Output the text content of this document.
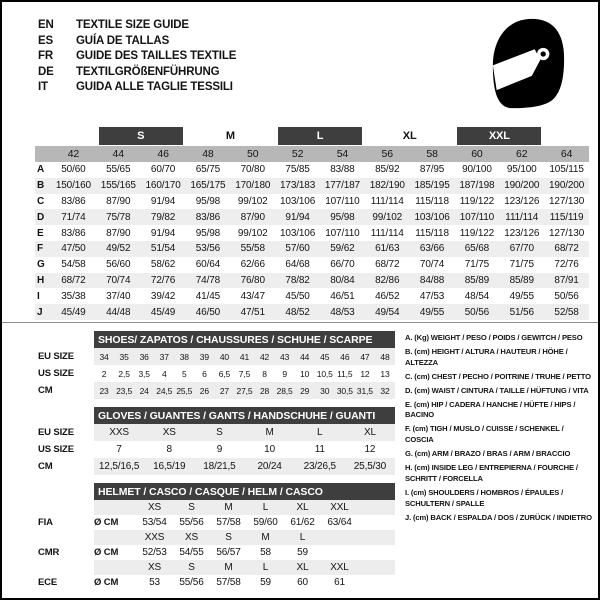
EN	TEXTILE SIZE GUIDE
ES	GUÍA DE TALLAS
FR	GUIDE DES TAILLES TEXTILE
DE	TEXTILGRÖßENFÜHRUNG
IT	GUIDA ALLE TAGLIE TESSILI
S	M	L	XL	XXL
42	44	46	48	50	52	54	56	58	60	62	64
A	50/60	55/65	60/70	65/75	70/80	75/85	83/88	85/92	87/95	90/100	95/100	105/115
B	150/160 155/165 160/170 165/175 170/180 173/183 177/187 182/190 185/195 187/198 190/200 190/200
C	83/86	87/90	91/94	95/98	99/102	103/106	107/110	111/114	115/118	119/122	123/126 127/130
D	71/74	75/78	79/82	83/86	87/90	91/94	95/98	99/102	103/106	107/110	111/114	115/119
E	83/86	87/90	91/94	95/98	99/102	103/106	107/110	111/114	115/118	119/122	123/126 127/130
F	47/50	49/52	51/54	53/56	55/58	57/60	59/62	61/63	63/66	65/68	67/70	68/72
G	54/58	56/60	58/62	60/64	62/66	64/68	66/70	68/72	70/74	71/75	71/75	72/76
H	68/72	70/74	72/76	74/78	76/80	78/82	80/84	82/86	84/88	85/89	85/89	87/91
I	35/38	37/40	39/42	41/45	43/47	45/50	46/51	46/52	47/53	48/54	49/55	50/56
J	45/49	44/48	45/49	46/50	47/51	48/52	48/53	49/54	49/55	50/56	51/56	52/58
SHOES/ ZAPATOS / CHAUSSURES / SCHUHE / SCARPE
EU SIZE	34	35	36	37	38	39	40	41	42	43	44	45	46	47	48
US SIZE	2	2,5	3,5	4	5	6	6,5	7,5	8	9	10 10,5 11,5 12	13
CM	23 23,5 24 24,5 25,5 26	27 27,5 28 28,5 29	30 30,5 31,5 32
GLOVES / GUANTES / GANTS / HANDSCHUHE / GUANTI
EU SIZE	XXS	XS	S	M	L	XL
US SIZE	7	8	9	10	11	12
CM	12,5/16,5	16,5/19	18/21,5	20/24	23/26,5	25,5/30
HELMET / CASCO / CASQUE / HELM / CASCO
XS	S	M	L	XL	XXL
FIA	Ø CM	53/54	55/56	57/58	59/60	61/62	63/64
XXS	XS	S	M	L
CMR	Ø CM	52/53	54/55	56/57	58	59
XS	S	M	L	XL	XXL
ECE	Ø CM	53	55/56	57/58	59	60	61
A. (Kg) WEIGHT / PESO / POIDS / GEWITCH / PESO
B. (cm) HEIGHT / ALTURA / HAUTEUR / HÖHE / ALTEZZA
C. (cm) CHEST / PECHO / POITRINE / TRUHE / PETTO
D. (cm) WAIST / CINTURA / TAILLE / HÜFTUNG / VITA
E. (cm) HIP / CADERA / HANCHE / HÜFTE / HIPS / BACINO
F. (cm) TIGH / MUSLO / CUISSE / SCHENKEL / COSCIA
G. (cm) ARM / BRAZO / BRAS / ARM / BRACCIO
H. (cm) INSIDE LEG / ENTREPIERNA / FOURCHE / SCHRITT / FORCELLA
I. (cm) SHOULDERS / HOMBROS / ÉPAULES / SCHULTERN / SPALLE
J. (cm) BACK / ESPALDA / DOS / ZURÜCK / INDIETRO
